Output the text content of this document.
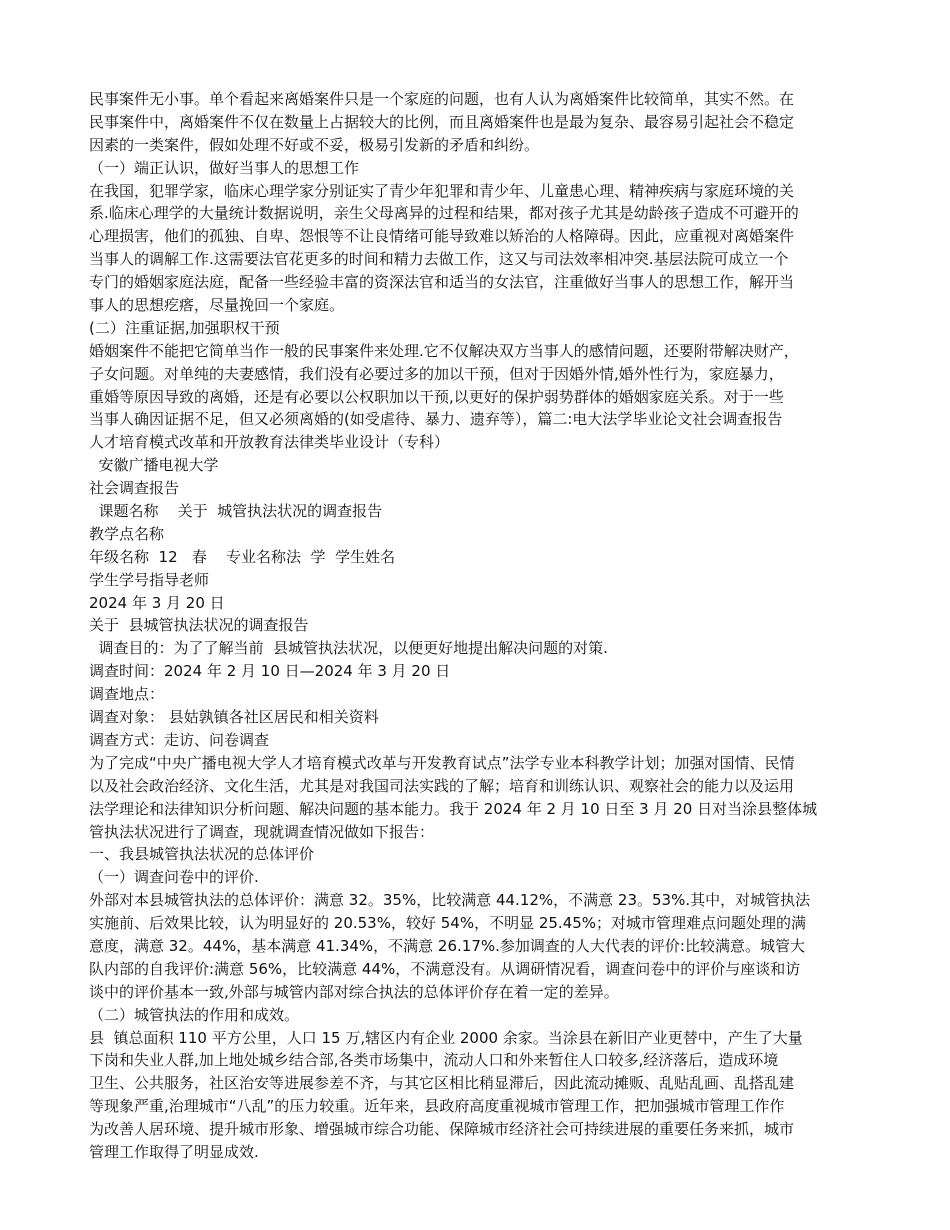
民事案件无小事。单个看起来离婚案件只是一个家庭的问题，也有人认为离婚案件比较简单，其实不然。在
民事案件中，离婚案件不仅在数量上占据较大的比例，而且离婚案件也是最为复杂、最容易引起社会不稳定
因素的一类案件，假如处理不好或不妥，极易引发新的矛盾和纠纷。
（一）端正认识，做好当事人的思想工作
在我国，犯罪学家，临床心理学家分别证实了青少年犯罪和青少年、儿童患心理、精神疾病与家庭环境的关
系.临床心理学的大量统计数据说明，亲生父母离异的过程和结果，都对孩子尤其是幼龄孩子造成不可避开的
心理损害，他们的孤独、自卑、怨恨等不让良情绪可能导致难以矫治的人格障碍。因此，应重视对离婚案件
当事人的调解工作.这需要法官花更多的时间和精力去做工作，这又与司法效率相冲突.基层法院可成立一个
专门的婚姻家庭法庭，配备一些经验丰富的资深法官和适当的女法官，注重做好当事人的思想工作，解开当
事人的思想疙瘩，尽量挽回一个家庭。
(二）注重证据,加强职权干预
婚姻案件不能把它简单当作一般的民事案件来处理.它不仅解决双方当事人的感情问题，还要附带解决财产，
子女问题。对单纯的夫妻感情，我们没有必要过多的加以干预，但对于因婚外情,婚外性行为，家庭暴力，
重婚等原因导致的离婚，还是有必要以公权职加以干预,以更好的保护弱势群体的婚姻家庭关系。对于一些
当事人确因证据不足，但又必须离婚的(如受虐待、暴力、遗弃等），篇二:电大法学毕业论文社会调查报告
人才培育模式改革和开放教育法律类毕业设计（专科）
安徽广播电视大学
社会调查报告
课题名称    关于  城管执法状况的调查报告
教学点名称
年级名称  12   春    专业名称法  学  学生姓名
学生学号指导老师
2024 年 3 月 20 日
关于  县城管执法状况的调查报告
调查目的：为了了解当前  县城管执法状况，以便更好地提出解决问题的对策.
调查时间：2024 年 2 月 10 日—2024 年 3 月 20 日
调查地点：
调查对象： 县姑孰镇各社区居民和相关资料
调查方式：走访、问卷调查
为了完成“中央广播电视大学人才培育模式改革与开发教育试点”法学专业本科教学计划；加强对国情、民情
以及社会政治经济、文化生活，尤其是对我国司法实践的了解；培育和训练认识、观察社会的能力以及运用
法学理论和法律知识分析问题、解决问题的基本能力。我于 2024 年 2 月 10 日至 3 月 20 日对当涂县整体城
管执法状况进行了调查，现就调查情况做如下报告：
一、我县城管执法状况的总体评价
（一）调查问卷中的评价.
外部对本县城管执法的总体评价：满意 32。35%，比较满意 44.12%，不满意 23。53%.其中，对城管执法
实施前、后效果比较，认为明显好的 20.53%，较好 54%，不明显 25.45%；对城市管理难点问题处理的满
意度，满意 32。44%，基本满意 41.34%，不满意 26.17%.参加调查的人大代表的评价:比较满意。城管大
队内部的自我评价:满意 56%，比较满意 44%，不满意没有。从调研情况看，调查问卷中的评价与座谈和访
谈中的评价基本一致,外部与城管内部对综合执法的总体评价存在着一定的差异。
（二）城管执法的作用和成效。
县  镇总面积 110 平方公里，人口 15 万,辖区内有企业 2000 余家。当涂县在新旧产业更替中，产生了大量
下岗和失业人群,加上地处城乡结合部,各类市场集中，流动人口和外来暂住人口较多,经济落后，造成环境
卫生、公共服务，社区治安等进展参差不齐，与其它区相比稍显滞后，因此流动摊贩、乱贴乱画、乱搭乱建
等现象严重,治理城市“八乱”的压力较重。近年来，县政府高度重视城市管理工作，把加强城市管理工作作
为改善人居环境、提升城市形象、增强城市综合功能、保障城市经济社会可持续进展的重要任务来抓，城市
管理工作取得了明显成效.
